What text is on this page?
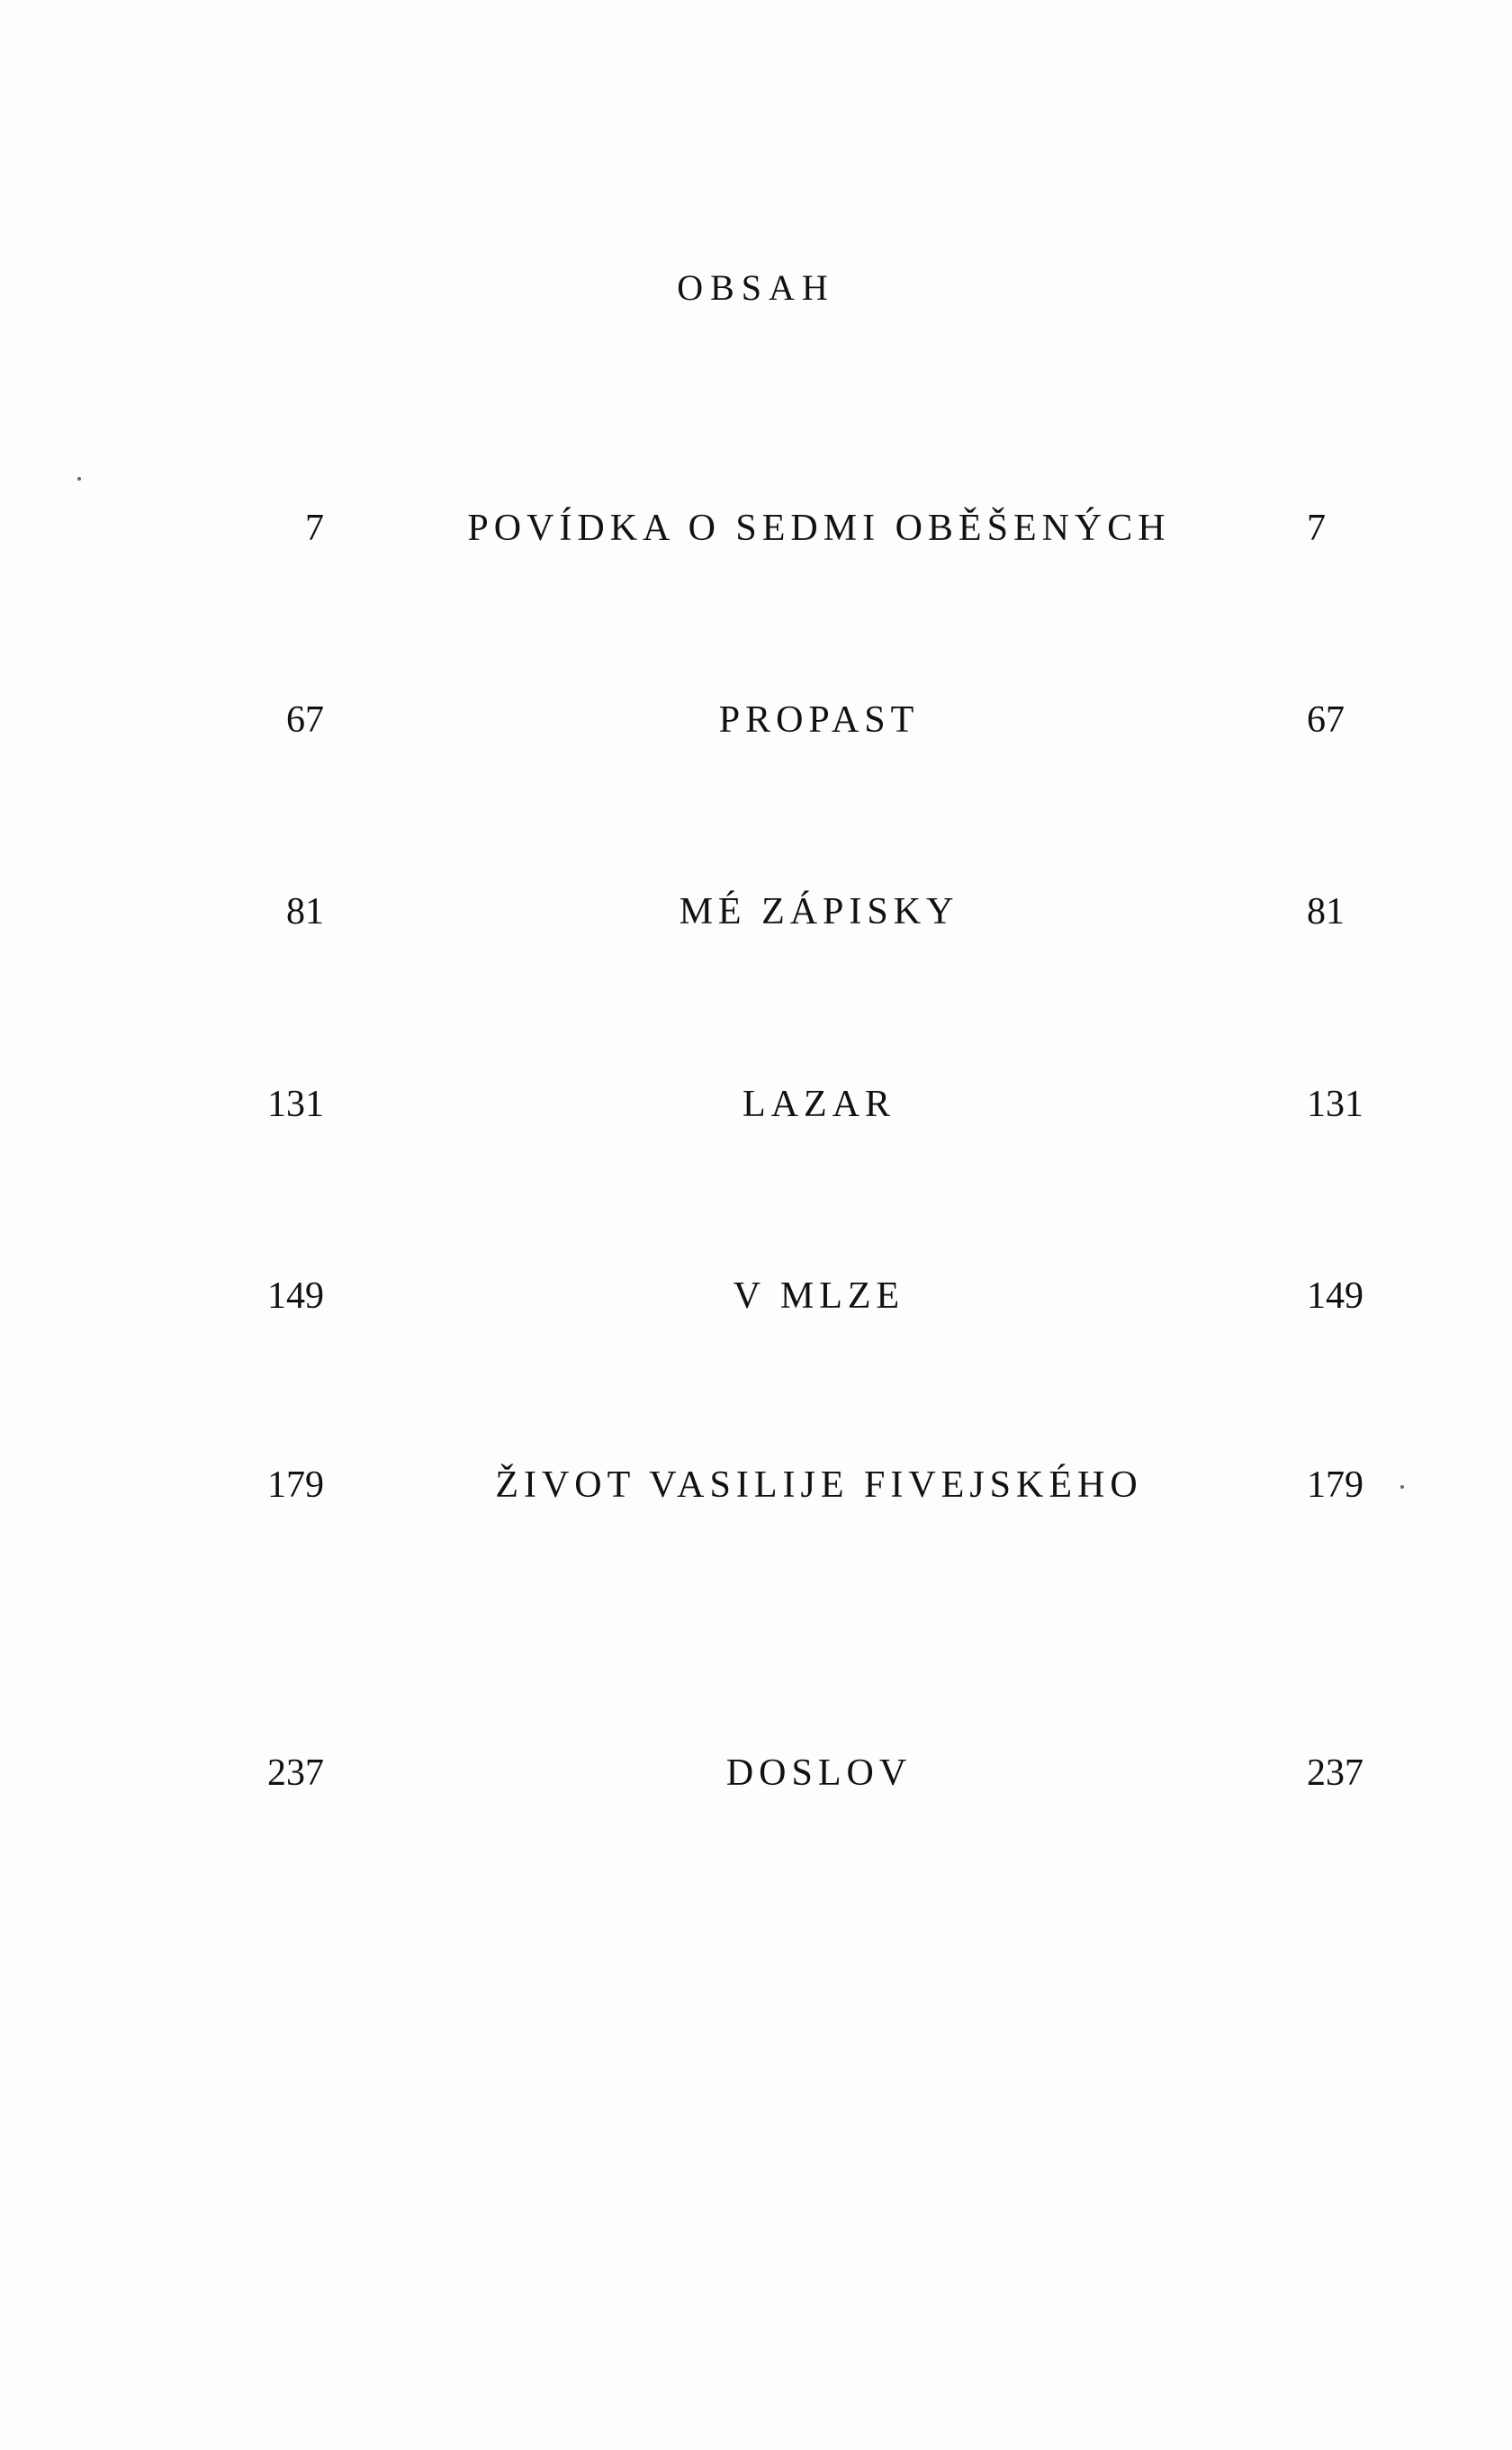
OBSAH
7	POVÍDKA O SEDMI OBĚŠENÝCH	7
67	PROPAST	67
81	MÉ ZÁPISKY	81
131	LAZAR	131
149	V MLZE	149
179	ŽIVOT VASILIJE FIVEJSKÉHO	179
237	DOSLOV	237
